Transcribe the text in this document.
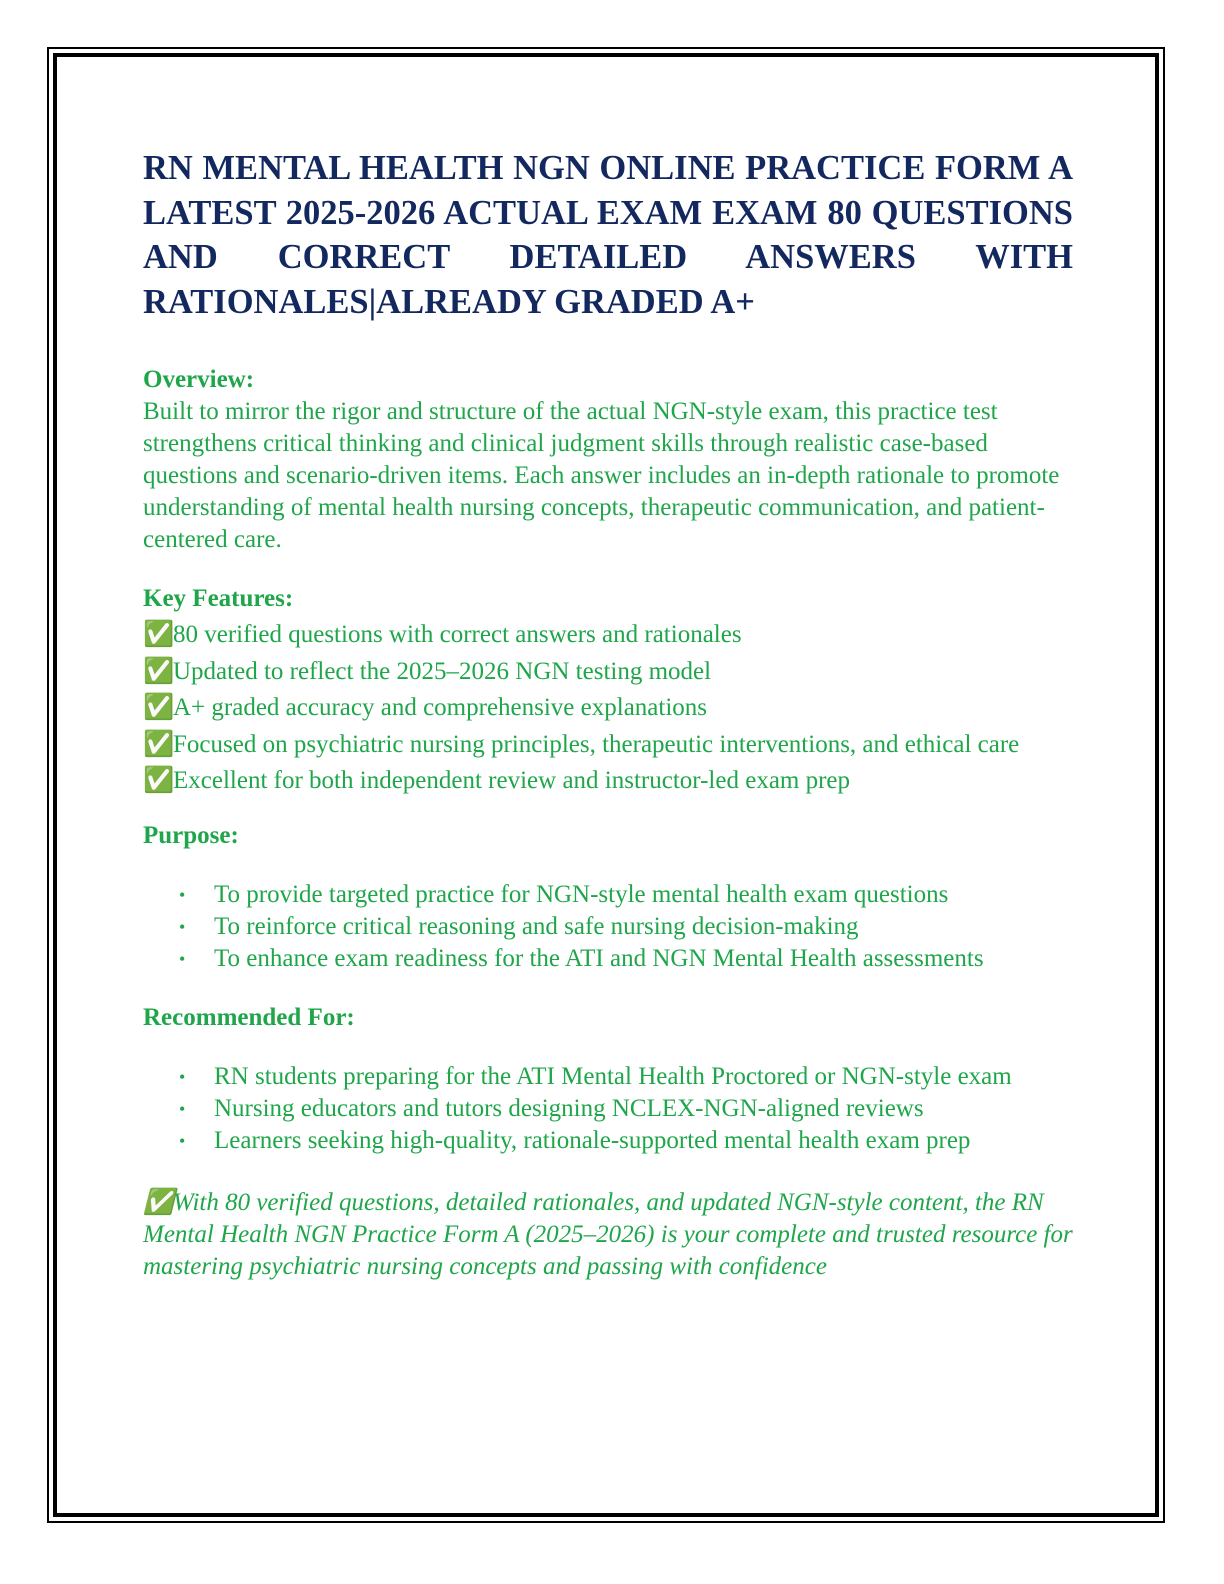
RN MENTAL HEALTH NGN ONLINE PRACTICE FORM A LATEST 2025-2026 ACTUAL EXAM EXAM 80 QUESTIONS AND CORRECT DETAILED ANSWERS WITH RATIONALES|ALREADY GRADED A+

Overview:

Built to mirror the rigor and structure of the actual NGN-style exam, this practice test strengthens critical thinking and clinical judgment skills through realistic case-based questions and scenario-driven items. Each answer includes an in-depth rationale to promote understanding of mental health nursing concepts, therapeutic communication, and patient-centered care.

Key Features:

✅80 verified questions with correct answers and rationales
✅Updated to reflect the 2025–2026 NGN testing model
✅A+ graded accuracy and comprehensive explanations
✅Focused on psychiatric nursing principles, therapeutic interventions, and ethical care
✅Excellent for both independent review and instructor-led exam prep

Purpose:

• To provide targeted practice for NGN-style mental health exam questions
• To reinforce critical reasoning and safe nursing decision-making
• To enhance exam readiness for the ATI and NGN Mental Health assessments

Recommended For:

• RN students preparing for the ATI Mental Health Proctored or NGN-style exam
• Nursing educators and tutors designing NCLEX-NGN-aligned reviews
• Learners seeking high-quality, rationale-supported mental health exam prep

✅With 80 verified questions, detailed rationales, and updated NGN-style content, the RN Mental Health NGN Practice Form A (2025–2026) is your complete and trusted resource for mastering psychiatric nursing concepts and passing with confidence
